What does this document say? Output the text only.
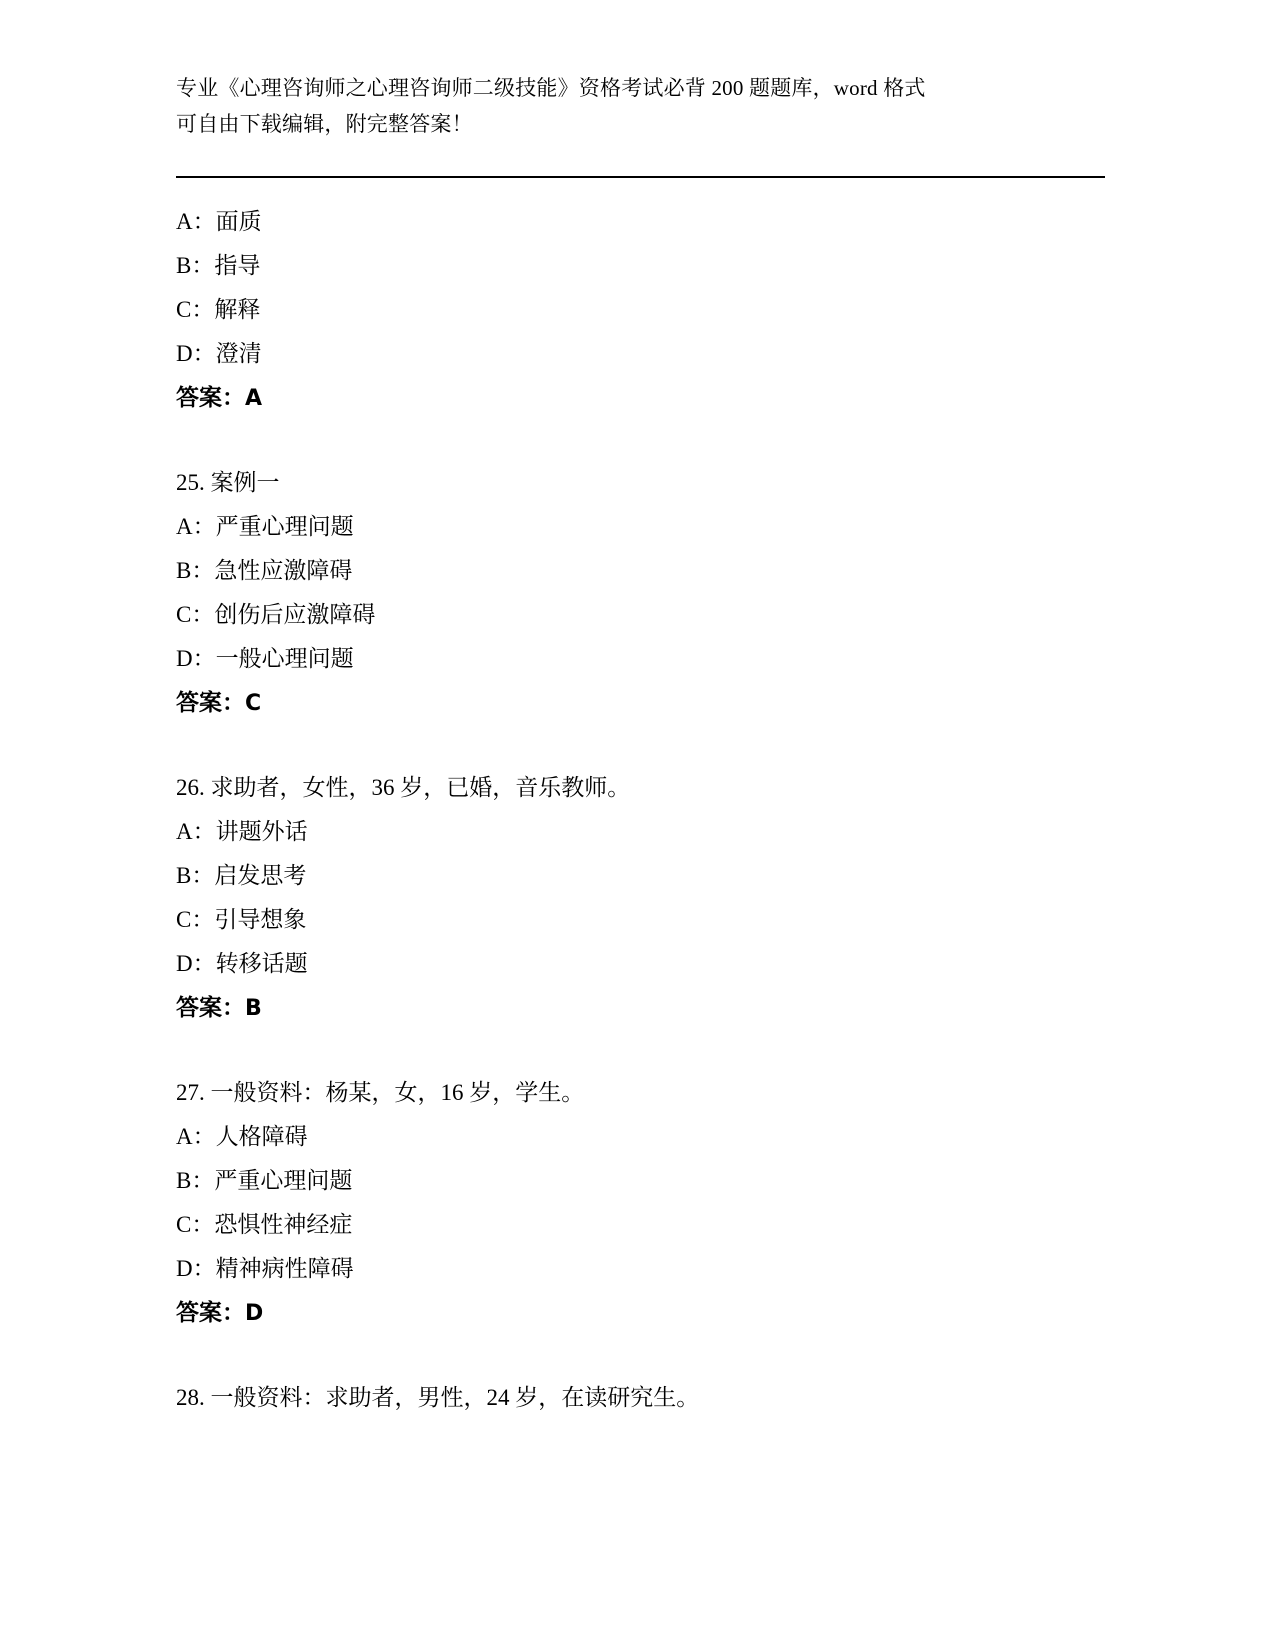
专业《心理咨询师之心理咨询师二级技能》资格考试必背 200 题题库，word 格式
可自由下载编辑，附完整答案！
A：面质
B：指导
C：解释
D：澄清
答案：A
25. 案例一
A：严重心理问题
B：急性应激障碍
C：创伤后应激障碍
D：一般心理问题
答案：C
26. 求助者，女性，36 岁，已婚，音乐教师。
A：讲题外话
B：启发思考
C：引导想象
D：转移话题
答案：B
27. 一般资料：杨某，女，16 岁，学生。
A：人格障碍
B：严重心理问题
C：恐惧性神经症
D：精神病性障碍
答案：D
28. 一般资料：求助者，男性，24 岁，在读研究生。
